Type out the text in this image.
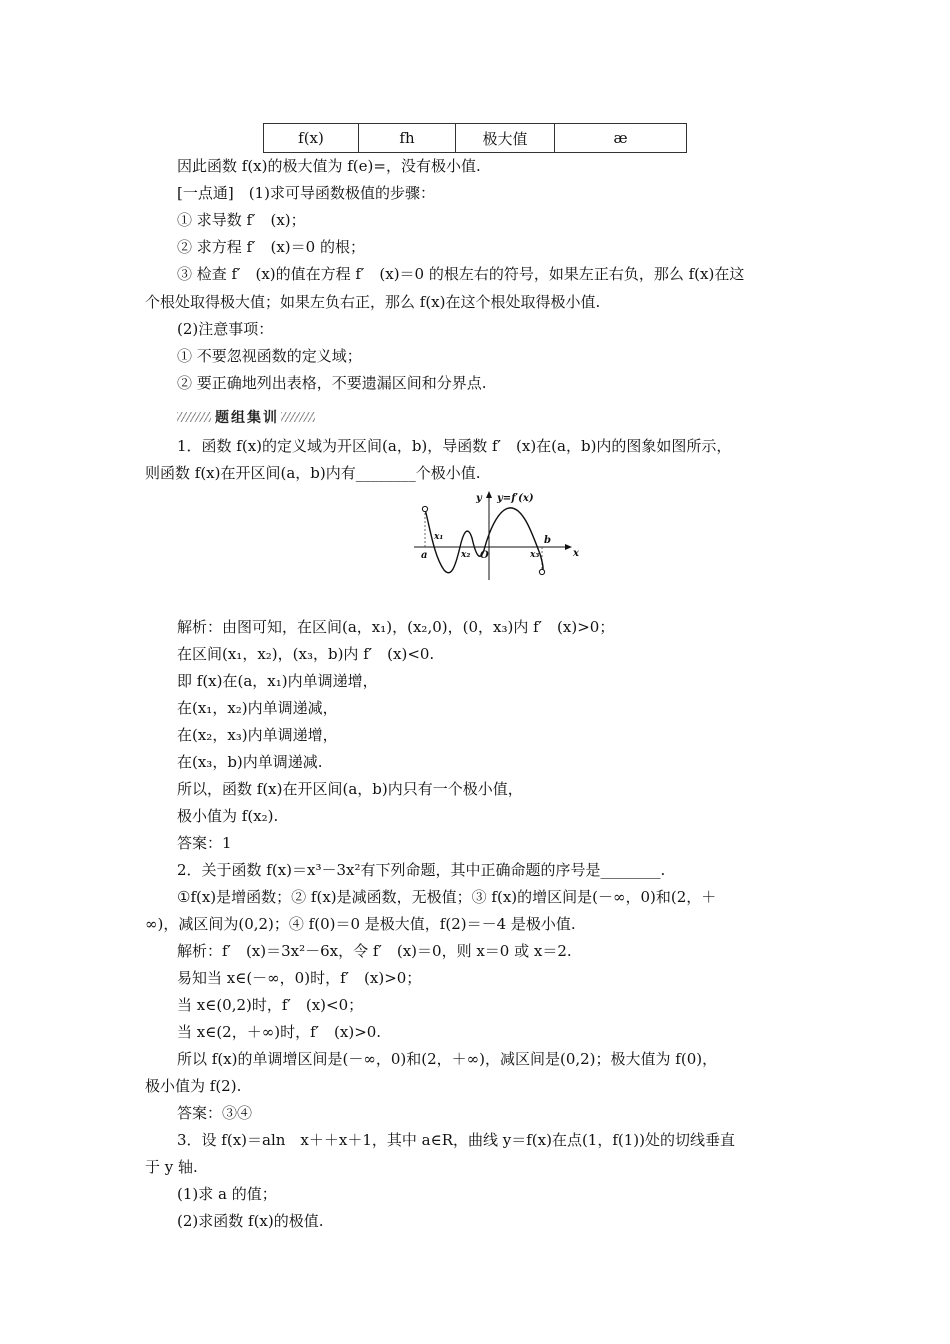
f(x)	fh	极大值	æ
因此函数 f(x)的极大值为 f(e)=，没有极小值.
[一点通]　(1)求可导函数极值的步骤：
① 求导数 f′　(x)；
② 求方程 f′　(x)＝0 的根；
③ 检查 f′　(x)的值在方程 f′　(x)＝0 的根左右的符号，如果左正右负，那么 f(x)在这
个根处取得极大值；如果左负右正，那么 f(x)在这个根处取得极小值.
(2)注意事项：
① 不要忽视函数的定义域；
② 要正确地列出表格，不要遗漏区间和分界点.
题组集训
1．函数 f(x)的定义域为开区间(a，b)，导函数 f′　(x)在(a，b)内的图象如图所示，
则函数 f(x)在开区间(a，b)内有________个极小值.
y
x
y=f′(x)
a
b
O
x₁
x₂	x₃
解析：由图可知，在区间(a，x₁)，(x₂,0)，(0，x₃)内 f′　(x)>0；
在区间(x₁，x₂)，(x₃，b)内 f′　(x)<0.
即 f(x)在(a，x₁)内单调递增，
在(x₁，x₂)内单调递减，
在(x₂，x₃)内单调递增，
在(x₃，b)内单调递减.
所以，函数 f(x)在开区间(a，b)内只有一个极小值，
极小值为 f(x₂).
答案：1
2．关于函数 f(x)＝x³－3x²有下列命题，其中正确命题的序号是________.
①f(x)是增函数；② f(x)是减函数，无极值；③ f(x)的增区间是(－∞，0)和(2，＋
∞)，减区间为(0,2)；④ f(0)＝0 是极大值，f(2)＝－4 是极小值.
解析：f′　(x)＝3x²－6x，令 f′　(x)＝0，则 x＝0 或 x＝2.
易知当 x∈(－∞，0)时，f′　(x)>0；
当 x∈(0,2)时，f′　(x)<0；
当 x∈(2，＋∞)时，f′　(x)>0.
所以 f(x)的单调增区间是(－∞，0)和(2，＋∞)，减区间是(0,2)；极大值为 f(0)，
极小值为 f(2).
答案：③④
3．设 f(x)＝aln　x＋＋x＋1，其中 a∈R，曲线 y＝f(x)在点(1，f(1))处的切线垂直
于 y 轴.
(1)求 a 的值；
(2)求函数 f(x)的极值.
